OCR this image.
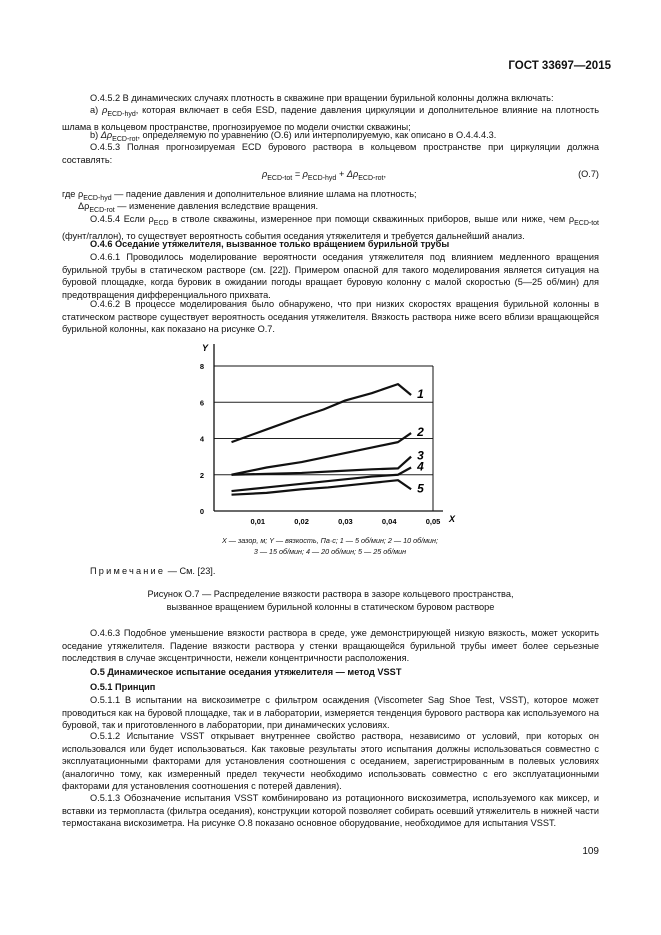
ГОСТ 33697—2015

O.4.5.2 В динамических случаях плотность в скважине при вращении бурильной колонны должна включать:

a) $\rho_{ECD-hyd}$, которая включает в себя ESD, падение давления циркуляции и дополнительное влияние на плотность шлама в кольцевом пространстве, прогнозируемое по модели очистки скважины;

b) $\Delta\rho_{ECD-rot}$, определяемую по уравнению (O.6) или интерполируемую, как описано в O.4.4.4.3.

O.4.5.3 Полная прогнозируемая ECD бурового раствора в кольцевом пространстве при циркуляции должна составлять:

$\rho_{ECD-tot} = \rho_{ECD-hyd} + \Delta\rho_{ECD-rot}$,	(O.7)

где $\rho_{ECD-hyd}$ — падение давления и дополнительное влияние шлама на плотность;

$\Delta\rho_{ECD-rot}$ — изменение давления вследствие вращения.

O.4.5.4 Если $\rho_{ECD}$ в стволе скважины, измеренное при помощи скважинных приборов, выше или ниже, чем $\rho_{ECD-tot}$ (фунт/галлон), то существует вероятность события оседания утяжелителя и требуется дальнейший анализ.

O.4.6 Оседание утяжелителя, вызванное только вращением бурильной трубы

O.4.6.1 Проводилось моделирование вероятности оседания утяжелителя под влиянием медленного вращения бурильной трубы в статическом растворе (см. [22]). Примером опасной для такого моделирования является ситуация на буровой площадке, когда буровик в ожидании погоды вращает буровую колонну с малой скоростью (5—25 об/мин) для предотвращения дифференциального прихвата.

O.4.6.2 В процессе моделирования было обнаружено, что при низких скоростях вращения бурильной колонны в статическом растворе существует вероятность оседания утяжелителя. Вязкость раствора ниже всего вблизи вращающейся бурильной колонны, как показано на рисунке O.7.

Y
X
0
2
4
6
8
0,01	0,02	0,03	0,04	0,05
1
2
3
4
5
X — зазор, м; Y — вязкость, Па·с; 1 — 5 об/мин; 2 — 10 об/мин;
3 — 15 об/мин; 4 — 20 об/мин; 5 — 25 об/мин
Примечание — См. [23].
Рисунок O.7 — Распределение вязкости раствора в зазоре кольцевого пространства,
вызванное вращением бурильной колонны в статическом буровом растворе

O.4.6.3 Подобное уменьшение вязкости раствора в среде, уже демонстрирующей низкую вязкость, может ускорить оседание утяжелителя. Падение вязкости раствора у стенки вращающейся бурильной трубы имеет более серьезные последствия в случае эксцентричности, нежели концентричности расположения.

O.5 Динамическое испытание оседания утяжелителя — метод VSST

O.5.1 Принцип

O.5.1.1 В испытании на вискозиметре с фильтром осаждения (Viscometer Sag Shoe Test, VSST), которое может проводиться как на буровой площадке, так и в лаборатории, измеряется тенденция бурового раствора как используемого на буровой, так и приготовленного в лаборатории, при динамических условиях.

O.5.1.2 Испытание VSST открывает внутреннее свойство раствора, независимо от условий, при которых он использовался или будет использоваться. Как таковые результаты этого испытания должны использоваться совместно с эксплуатационными факторами для установления соотношения с оседанием, зарегистрированным в полевых условиях (аналогично тому, как измеренный предел текучести необходимо использовать совместно с его эксплуатационными факторами для установления соотношения с потерей давления).

O.5.1.3 Обозначение испытания VSST комбинировано из ротационного вискозиметра, используемого как миксер, и вставки из термопласта (фильтра оседания), конструкции которой позволяет собирать осевший утяжелитель в нижней части термостакана вискозиметра. На рисунке O.8 показано основное оборудование, необходимое для испытания VSST.

109
